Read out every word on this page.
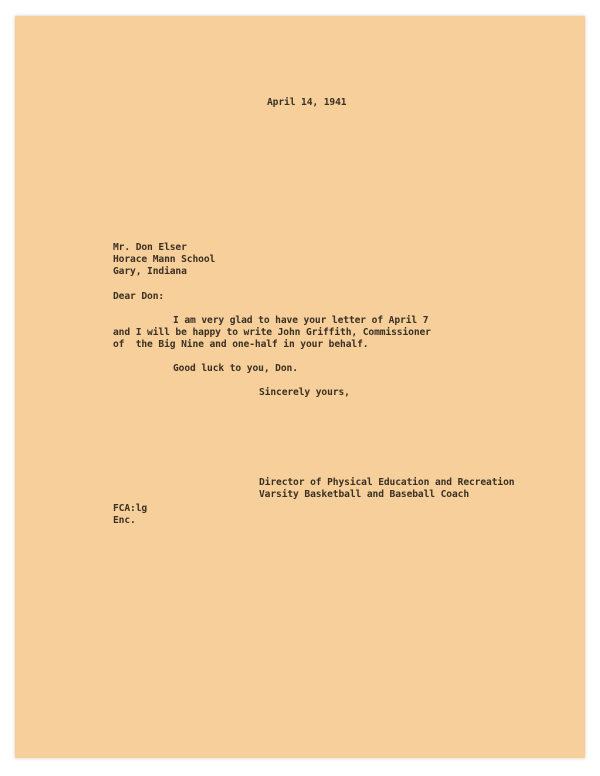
April 14, 1941
Mr. Don Elser
Horace Mann School
Gary, Indiana
Dear Don:
I am very glad to have your letter of April 7
and I will be happy to write John Griffith, Commissioner
of  the Big Nine and one-half in your behalf.
Good luck to you, Don.
Sincerely yours,
Director of Physical Education and Recreation
Varsity Basketball and Baseball Coach
FCA:lg
Enc.
